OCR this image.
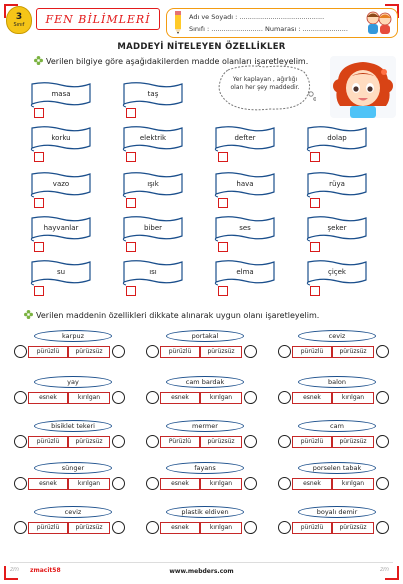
3
Sınıf	FEN BİLİMLERİ	Adı ve Soyadı : .........................................
Sınıfı : ......................... Numarası : ......................
MADDEYİ NİTELEYEN ÖZELLİKLER
Verilen bilgiye göre aşağıdakilerden madde olanları işaretleyelim.
masa	taş
korku	elektrik	defter	dolap
vazo	ışık	hava	rüya
hayvanlar	biber	ses	şeker
su	ısı	elma	çiçek
Yer kaplayan , ağırlığı olan her şey maddedir.
Verilen maddenin özellikleri dikkate alınarak uygun olanı işaretleyelim.
karpuz
pürüzlü	pürüzsüz
portakal
pürüzlü	pürüzsüz
ceviz
pürüzlü	pürüzsüz
yay
esnek	kırılgan
cam bardak
esnek	kırılgan
balon
esnek	kırılgan
bisiklet tekeri
pürüzlü	pürüzsüz
mermer
Pürüzlü	pürüzsüz
cam
pürüzlü	pürüzsüz
sünger
esnek	kırılgan
fayans
esnek	kırılgan
porselen tabak
esnek	kırılgan
ceviz
pürüzlü	pürüzsüz
plastik eldiven
esnek	kırılgan
boyalı demir
pürüzlü	pürüzsüz
zm zmacit58	www.mebders.com	zm
